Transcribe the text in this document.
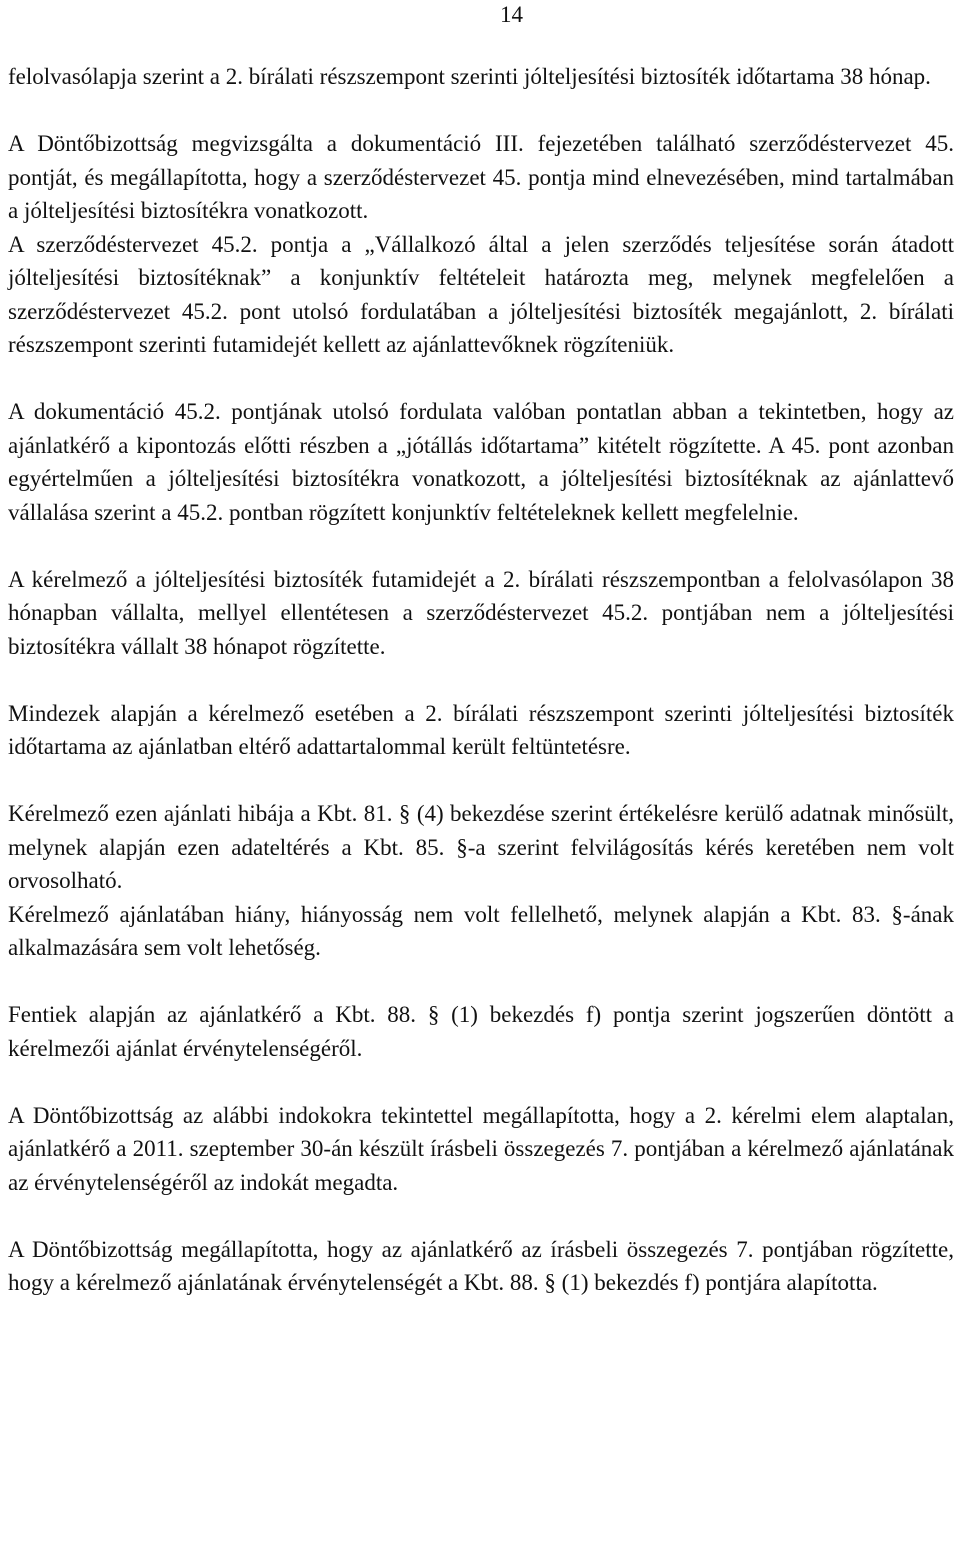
14

felolvasólapja szerint a 2. bírálati részszempont szerinti jólteljesítési biztosíték időtartama 38 hónap.

A Döntőbizottság megvizsgálta a dokumentáció III. fejezetében található szerződéstervezet 45. pontját, és megállapította, hogy a szerződéstervezet 45. pontja mind elnevezésében, mind tartalmában a jólteljesítési biztosítékra vonatkozott.

A szerződéstervezet 45.2. pontja a „Vállalkozó által a jelen szerződés teljesítése során átadott jólteljesítési biztosítéknak” a konjunktív feltételeit határozta meg, melynek megfelelően a szerződéstervezet 45.2. pont utolsó fordulatában a jólteljesítési biztosíték megajánlott, 2. bírálati részszempont szerinti futamidejét kellett az ajánlattevőknek rögzíteniük.

A dokumentáció 45.2. pontjának utolsó fordulata valóban pontatlan abban a tekintetben, hogy az ajánlatkérő a kipontozás előtti részben a „jótállás időtartama” kitételt rögzítette. A 45. pont azonban egyértelműen a jólteljesítési biztosítékra vonatkozott, a jólteljesítési biztosítéknak az ajánlattevő vállalása szerint a 45.2. pontban rögzített konjunktív feltételeknek kellett megfelelnie.

A kérelmező a jólteljesítési biztosíték futamidejét a 2. bírálati részszempontban a felolvasólapon 38 hónapban vállalta, mellyel ellentétesen a szerződéstervezet 45.2. pontjában nem a jólteljesítési biztosítékra vállalt 38 hónapot rögzítette.

Mindezek alapján a kérelmező esetében a 2. bírálati részszempont szerinti jólteljesítési biztosíték időtartama az ajánlatban eltérő adattartalommal került feltüntetésre.

Kérelmező ezen ajánlati hibája a Kbt. 81. § (4) bekezdése szerint értékelésre kerülő adatnak minősült, melynek alapján ezen adateltérés a Kbt. 85. §-a szerint felvilágosítás kérés keretében nem volt orvosolható.

Kérelmező ajánlatában hiány, hiányosság nem volt fellelhető, melynek alapján a Kbt. 83. §-ának alkalmazására sem volt lehetőség.

Fentiek alapján az ajánlatkérő a Kbt. 88. § (1) bekezdés f) pontja szerint jogszerűen döntött a kérelmezői ajánlat érvénytelenségéről.

A Döntőbizottság az alábbi indokokra tekintettel megállapította, hogy a 2. kérelmi elem alaptalan, ajánlatkérő a 2011. szeptember 30-án készült írásbeli összegezés 7. pontjában a kérelmező ajánlatának az érvénytelenségéről az indokát megadta.

A Döntőbizottság megállapította, hogy az ajánlatkérő az írásbeli összegezés 7. pontjában rögzítette, hogy a kérelmező ajánlatának érvénytelenségét a Kbt. 88. § (1) bekezdés f) pontjára alapította.
